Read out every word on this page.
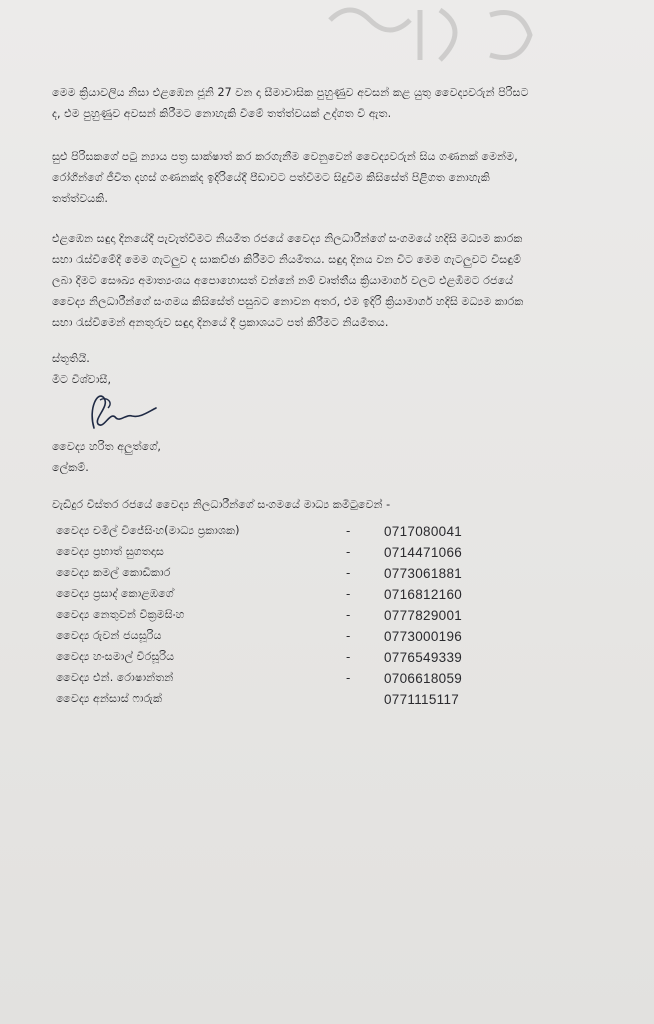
මෙම ක්‍රියාවලිය නිසා එළඹෙන ජූනි 27 වන දා සීමාවාසික පුහුණුව අවසන් කළ යුතු වෛද්‍යවරුන් පිරිසට

ද, එම පුහුණුව අවසන් කිරීමට නොහැකි වීමේ තත්ත්වයක් උද්ගත වී ඇත.

සුළු පිරිසකගේ පටු න්‍යාය පත්‍ර සාක්ෂාත් කර කරගැනීම වෙනුවෙන් වෛද්‍යවරුන් සිය ගණනක් මෙන්ම,

රෝගීන්ගේ ජීවිත දහස් ගණනක්ද ඉදිරියේදී පීඩාවට පත්වීමට සිදුවීම කිසිසේත් පිළිගත නොහැකි

තත්ත්වයකි.

එළඹෙන සඳුදා දිනයේදී පැවැත්වීමට නියමිත රජයේ වෛද්‍ය නිලධාරීන්ගේ සංගමයේ හදිසි මධ්‍යම කාරක

සභා රැස්වීමේදී මෙම ගැටලුව ද සාකච්ඡා කිරීමට නියමිතය. සඳුදා දිනය වන විට මෙම ගැටලුවට විසඳුම්

ලබා දීමට සෞඛ්‍ය අමාත්‍යංශය අපොහොසත් වන්නේ නම් වෘත්තීය ක්‍රියාමාර්ග වලට එළඹීමට රජයේ

වෛද්‍ය නිලධාරීන්ගේ සංගමය කිසිසේත් පසුබට නොවන අතර, එම ඉදිරි ක්‍රියාමාර්ග හදිසි මධ්‍යම කාරක

සභා රැස්වීමෙන් අනතුරුව සඳුදා දිනයේ දී ප්‍රකාශයට පත් කිරීමට නියමිතය.

ස්තූතියි.

මීට විශ්වාසී,

වෛද්‍ය හරිත අලුත්ගේ,

ලේකම්.

වැඩිදුර විස්තර රජයේ වෛද්‍ය නිලධාරීන්ගේ සංගමයේ මාධ්‍ය කමිටුවෙන් -
වෛද්‍ය චමිල් විජේසිංහ(මාධ්‍ය ප්‍රකාශක)	- 0717080041
වෛද්‍ය ප්‍රභාත් සුගතදාස	- 0714471066
වෛද්‍ය කමල් කොඩිකාර	- 0773061881
වෛද්‍ය ප්‍රසාද් කොළඹගේ	- 0716812160
වෛද්‍ය නෙතුවන් වික්‍රමසිංහ	- 0777829001
වෛද්‍ය රුවන් ජයසූරිය	- 0773000196
වෛද්‍ය හංසමාල් වීරසූරිය	- 0776549339
වෛද්‍ය එන්. රොෂාන්තන්	- 0706618059
වෛද්‍ය අන්සාස් ෆාරුක්	0771115117
